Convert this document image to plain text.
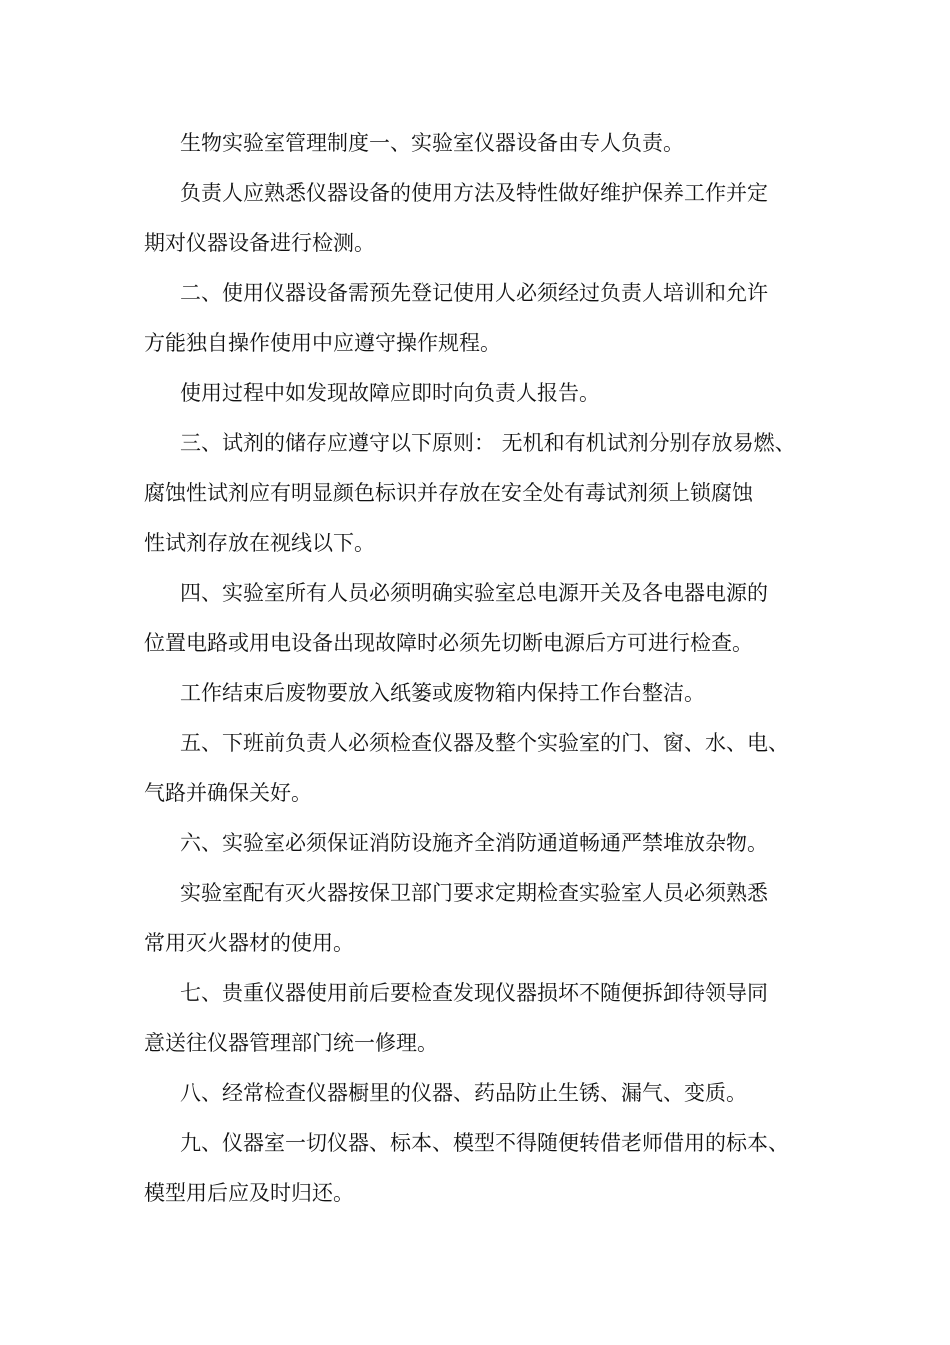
生物实验室管理制度一、实验室仪器设备由专人负责。
负责人应熟悉仪器设备的使用方法及特性做好维护保养工作并定
期对仪器设备进行检测。
二、使用仪器设备需预先登记使用人必须经过负责人培训和允许
方能独自操作使用中应遵守操作规程。
使用过程中如发现故障应即时向负责人报告。
三、试剂的储存应遵守以下原则： 无机和有机试剂分别存放易燃、
腐蚀性试剂应有明显颜色标识并存放在安全处有毒试剂须上锁腐蚀
性试剂存放在视线以下。
四、实验室所有人员必须明确实验室总电源开关及各电器电源的
位置电路或用电设备出现故障时必须先切断电源后方可进行检查。
工作结束后废物要放入纸篓或废物箱内保持工作台整洁。
五、下班前负责人必须检查仪器及整个实验室的门、窗、水、电、
气路并确保关好。
六、实验室必须保证消防设施齐全消防通道畅通严禁堆放杂物。
实验室配有灭火器按保卫部门要求定期检查实验室人员必须熟悉
常用灭火器材的使用。
七、贵重仪器使用前后要检查发现仪器损坏不随便拆卸待领导同
意送往仪器管理部门统一修理。
八、经常检查仪器橱里的仪器、药品防止生锈、漏气、变质。
九、仪器室一切仪器、标本、模型不得随便转借老师借用的标本、
模型用后应及时归还。
